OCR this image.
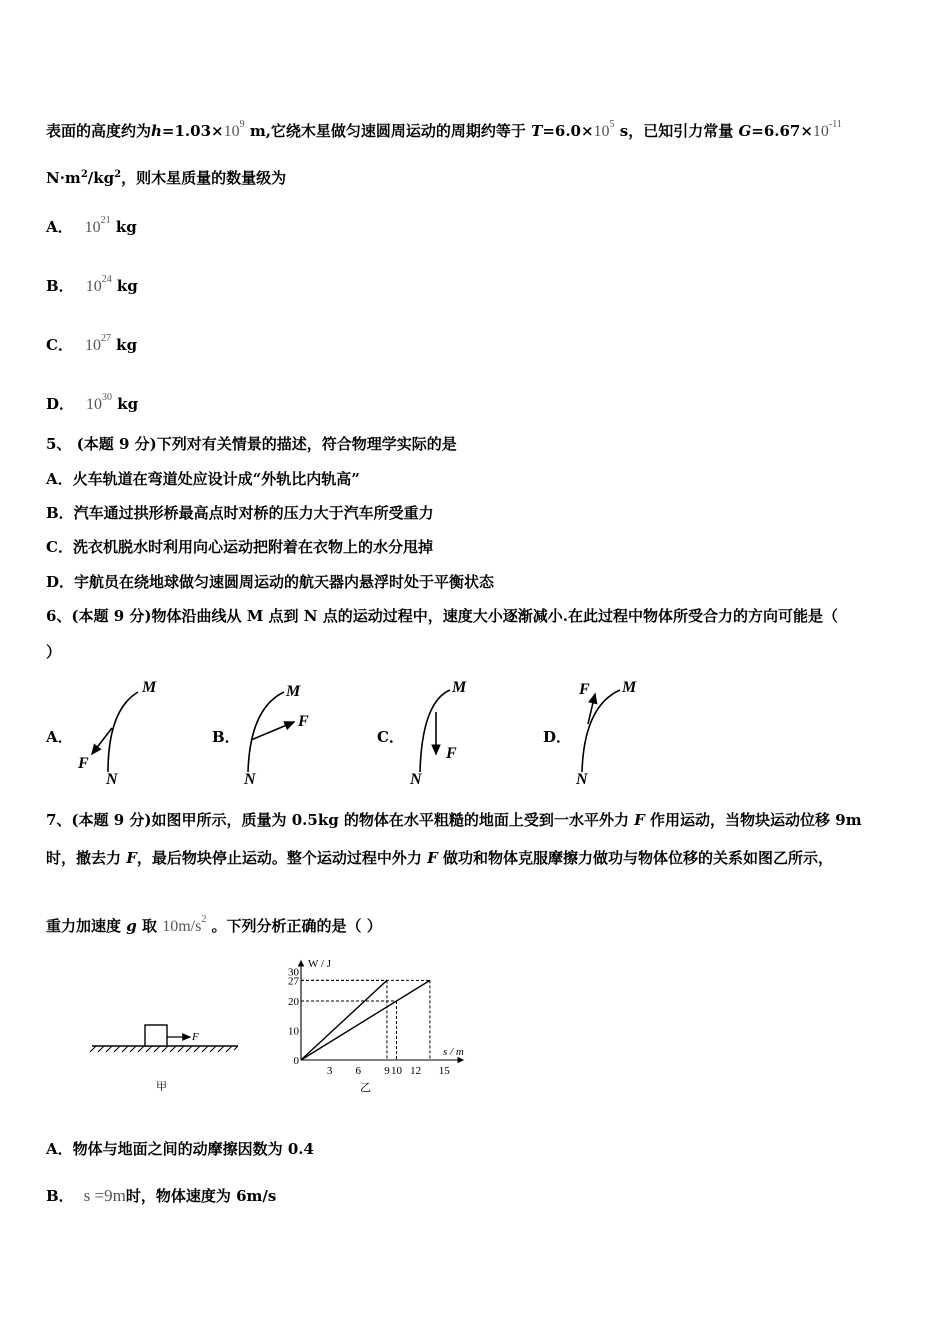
表面的高度约为$h=1.03\times 10^9$ m,它绕木星做匀速圆周运动的周期约等于 $T=6.0\times 10^5$ s，已知引力常量 $G=6.67\times 10^{-11}$
$N\cdot m^2/kg^2$，则木星质量的数量级为
A． $10^{21}$ kg
B． $10^{24}$ kg
C． $10^{27}$ kg
D． $10^{30}$ kg
5、 (本题 9 分)下列对有关情景的描述，符合物理学实际的是
A．火车轨道在弯道处应设计成“外轨比内轨高”
B．汽车通过拱形桥最高点时对桥的压力大于汽车所受重力
C．洗衣机脱水时利用向心运动把附着在衣物上的水分甩掉
D．宇航员在绕地球做匀速圆周运动的航天器内悬浮时处于平衡状态
6、(本题 9 分)物体沿曲线从 M 点到 N 点的运动过程中，速度大小逐渐减小.在此过程中物体所受合力的方向可能是（
）
A．	B．	C．	D．
M
N
F
M
N
F
M
N
F
M
N
F
7、(本题 9 分)如图甲所示，质量为 0.5kg 的物体在水平粗糙的地面上受到一水平外力 F 作用运动，当物块运动位移 9m
时，撤去力 F，最后物块停止运动。整个运动过程中外力 F 做功和物体克服摩擦力做功与物体位移的关系如图乙所示，
重力加速度 g 取 $10m/s^2$ 。下列分析正确的是（ ）
F
甲
W / J
s / m
30
27
20
10
0
3 6 9 10 12 15
乙
A．物体与地面之间的动摩擦因数为 0.4
B． s =9m时，物体速度为 6m/s
